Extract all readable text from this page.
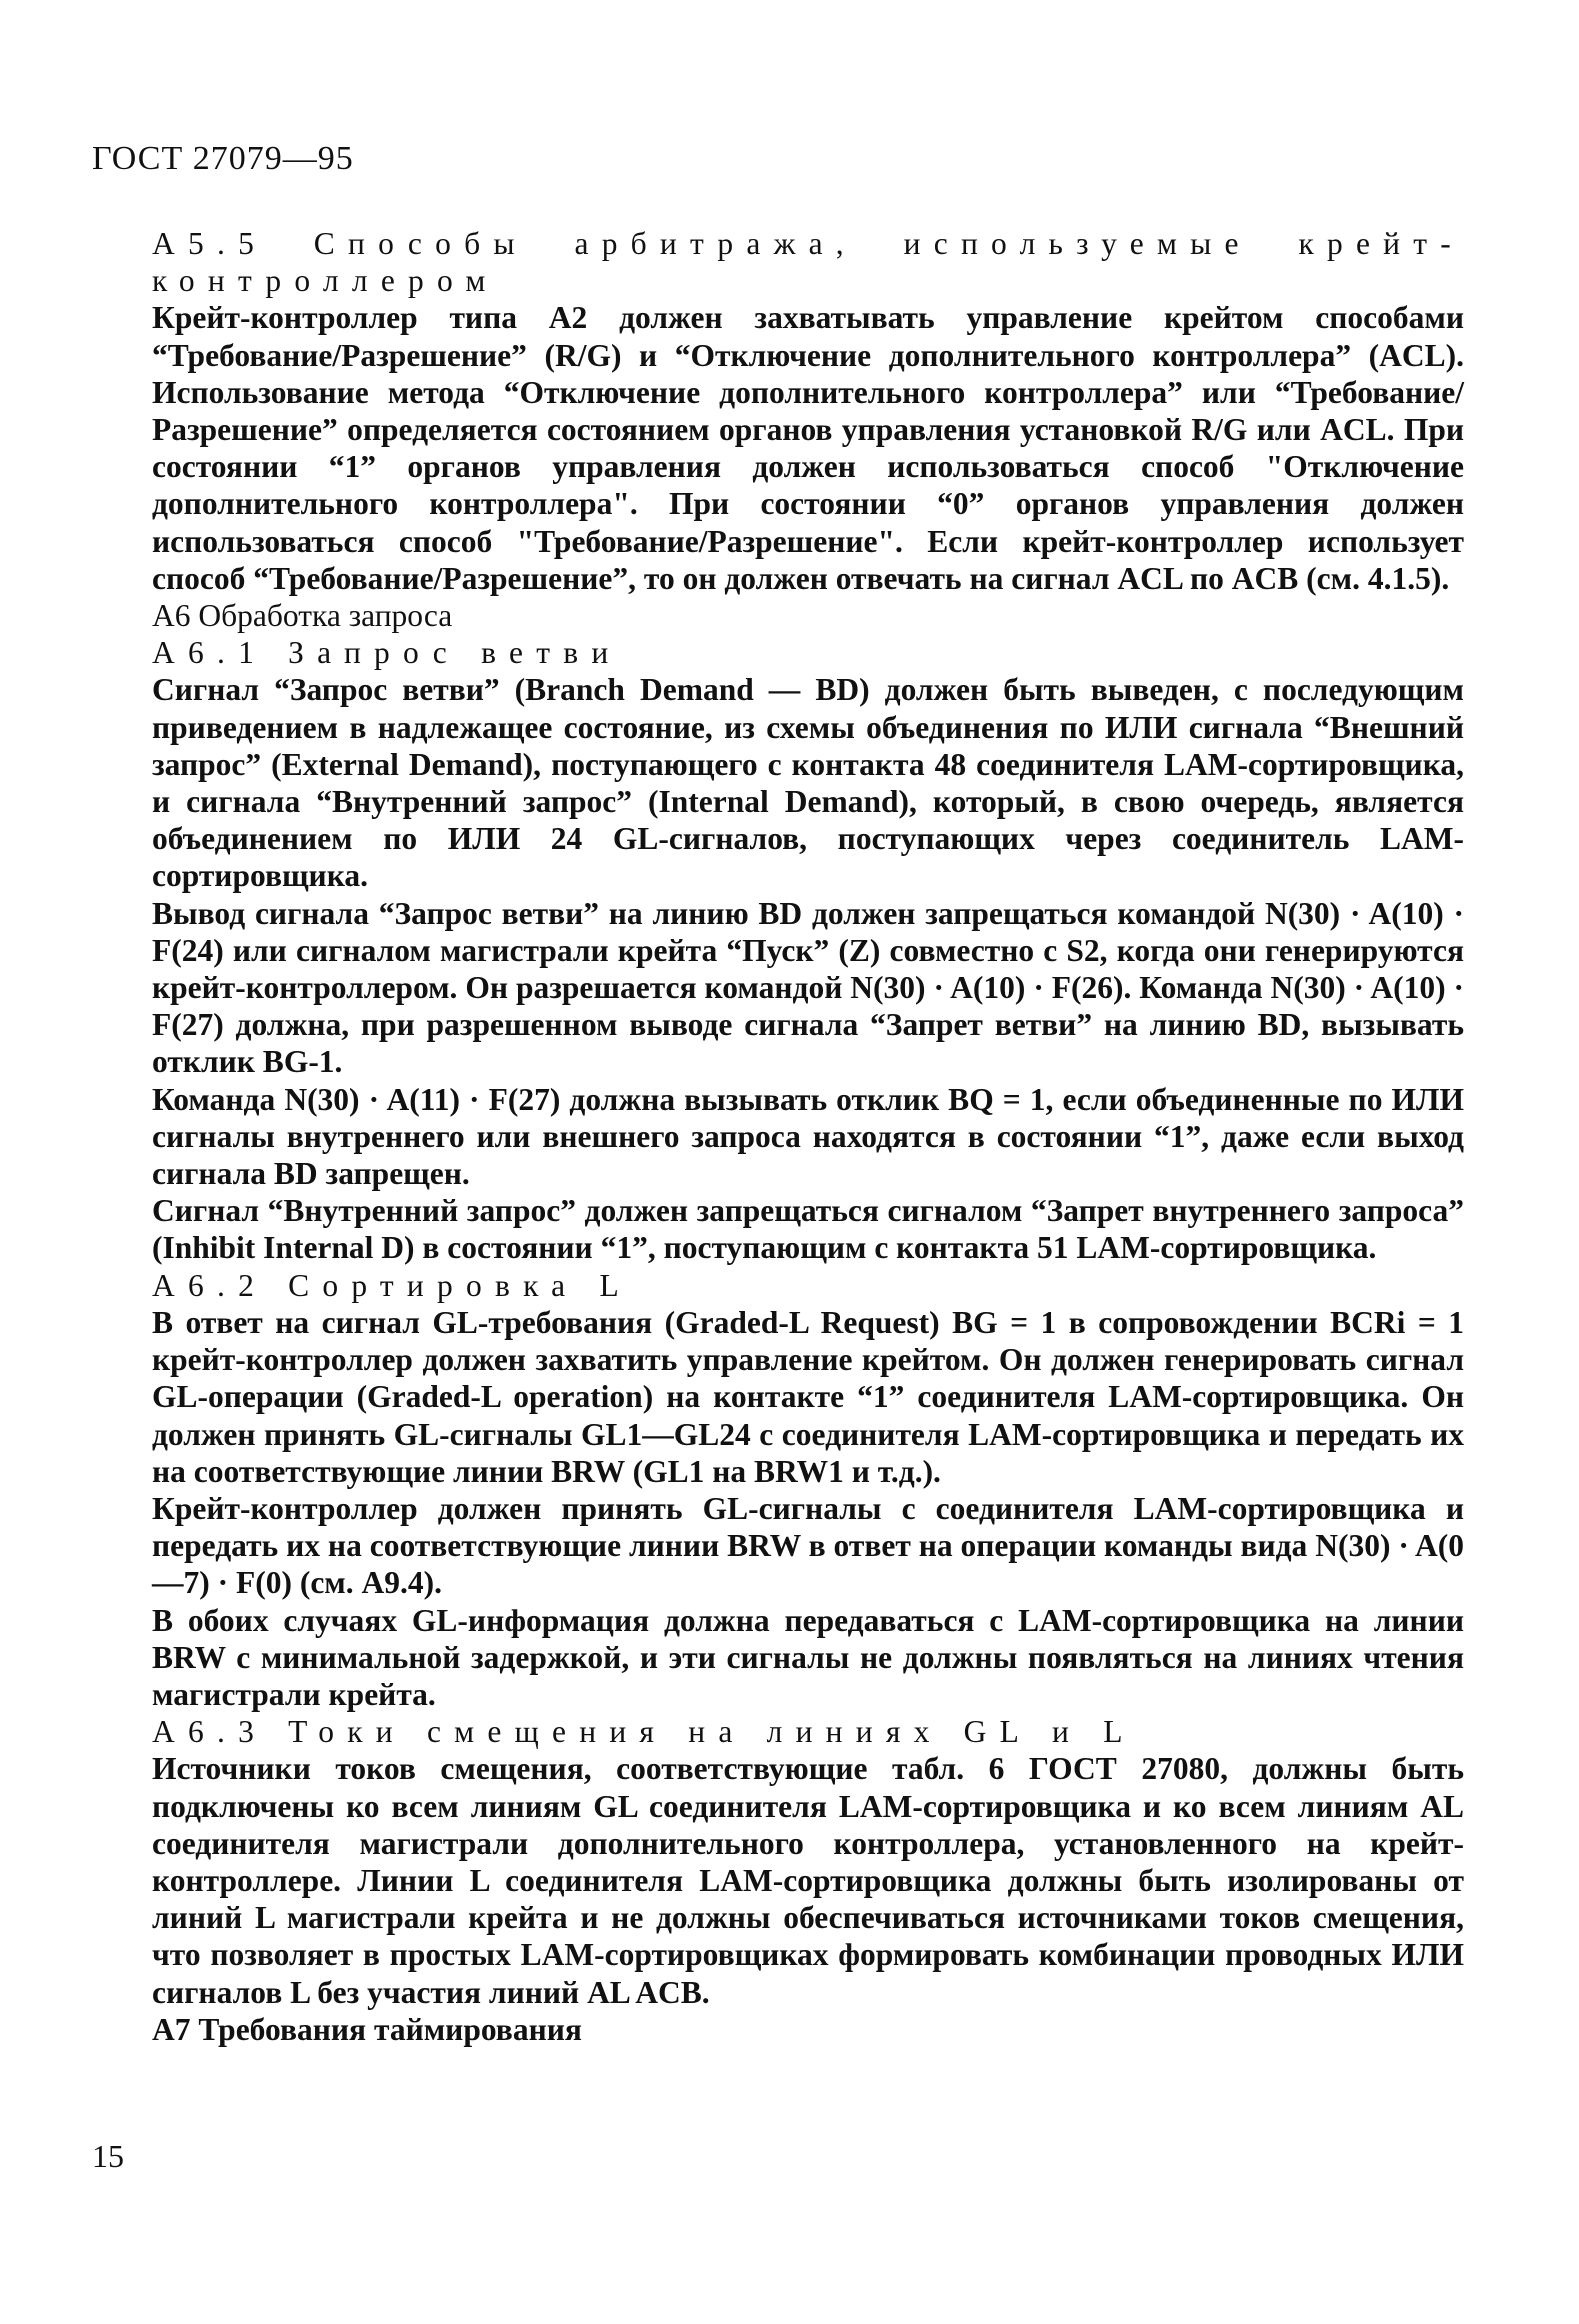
ГОСТ 27079—95

А5.5 Способы арбитража, используемые крейт-

контроллером

Крейт-контроллер типа А2 должен захватывать управление крейтом способами “Требование/Разрешение” (R/G) и “Отключение дополнительного контроллера” (ACL). Использование метода “Отключение дополнительного контроллера” или “Требование/Разрешение” определяется состоянием органов управления установкой R/G или ACL. При состоянии “1” органов управления должен использоваться способ "Отключение дополнительного контроллера". При состоянии “0” органов управления должен использоваться способ "Требование/Разрешение". Если крейт-контроллер использует способ “Требование/Разрешение”, то он должен отвечать на сигнал ACL по ACB (см. 4.1.5).

А6 Обработка запроса

А6.1 Запрос ветви

Сигнал “Запрос ветви” (Branch Demand — BD) должен быть выведен, с последующим приведением в надлежащее состояние, из схемы объединения по ИЛИ сигнала “Внешний запрос” (External Demand), поступающего с контакта 48 соединителя LAM-сортировщика, и сигнала “Внутренний запрос” (Internal Demand), который, в свою очередь, является объединением по ИЛИ 24 GL-сигналов, поступающих через соединитель LAM-сортировщика.

Вывод сигнала “Запрос ветви” на линию BD должен запрещаться командой N(30) · A(10) · F(24) или сигналом магистрали крейта “Пуск” (Z) совместно с S2, когда они генерируются крейт-контроллером. Он разрешается командой N(30) · A(10) · F(26). Команда N(30) · A(10) · F(27) должна, при разрешенном выводе сигнала “Запрет ветви” на линию BD, вызывать отклик BG-1.

Команда N(30) · A(11) · F(27) должна вызывать отклик BQ = 1, если объединенные по ИЛИ сигналы внутреннего или внешнего запроса находятся в состоянии “1”, даже если выход сигнала BD запрещен.

Сигнал “Внутренний запрос” должен запрещаться сигналом “Запрет внутреннего запроса” (Inhibit Internal D) в состоянии “1”, поступающим с контакта 51 LAM-сортировщика.

А6.2 Сортировка L

В ответ на сигнал GL-требования (Graded-L Request) BG = 1 в сопровождении BCRi = 1 крейт-контроллер должен захватить управление крейтом. Он должен генерировать сигнал GL-операции (Graded-L operation) на контакте “1” соединителя LAM-сортировщика. Он должен принять GL-сигналы GL1—GL24 с соединителя LAM-сортировщика и передать их на соответствующие линии BRW (GL1 на BRW1 и т.д.).

Крейт-контроллер должен принять GL-сигналы с соединителя LAM-сортировщика и передать их на соответствующие линии BRW в ответ на операции команды вида N(30) · A(0—7) · F(0) (см. А9.4).

В обоих случаях GL-информация должна передаваться с LAM-сортировщика на линии BRW с минимальной задержкой, и эти сигналы не должны появляться на линиях чтения магистрали крейта.

А6.3 Токи смещения на линиях GL и L

Источники токов смещения, соответствующие табл. 6 ГОСТ 27080, должны быть подключены ко всем линиям GL соединителя LAM-сортировщика и ко всем линиям AL соединителя магистрали дополнительного контроллера, установленного на крейт-контроллере. Линии L соединителя LAM-сортировщика должны быть изолированы от линий L магистрали крейта и не должны обеспечиваться источниками токов смещения, что позволяет в простых LAM-сортировщиках формировать комбинации проводных ИЛИ сигналов L без участия линий AL ACB.

А7 Требования таймирования

15
